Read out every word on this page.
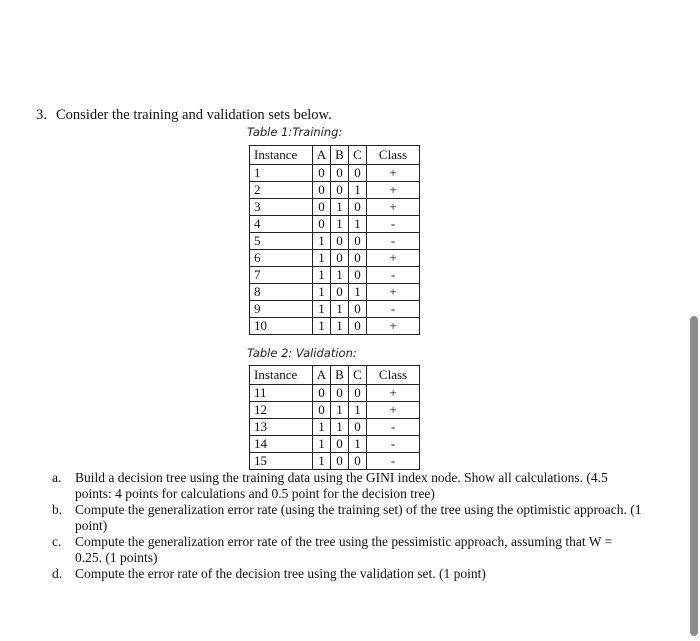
3. Consider the training and validation sets below.
Table 1:Training:
Instance	A	B	C	Class
1	0	0	0	+
2	0	0	1	+
3	0	1	0	+
4	0	1	1	-
5	1	0	0	-
6	1	0	0	+
7	1	1	0	-
8	1	0	1	+
9	1	1	0	-
10	1	1	0	+
Table 2: Validation:
Instance	A	B	C	Class
11	0	0	0	+
12	0	1	1	+
13	1	1	0	-
14	1	0	1	-
15	1	0	0	-
a.	Build a decision tree using the training data using the GINI index node. Show all calculations. (4.5 points: 4 points for calculations and 0.5 point for the decision tree)
b. Compute the generalization error rate (using the training set) of the tree using the optimistic approach. (1 point)
c.	Compute the generalization error rate of the tree using the pessimistic approach, assuming that W = 0.25. (1 points)
d. Compute the error rate of the decision tree using the validation set. (1 point)
